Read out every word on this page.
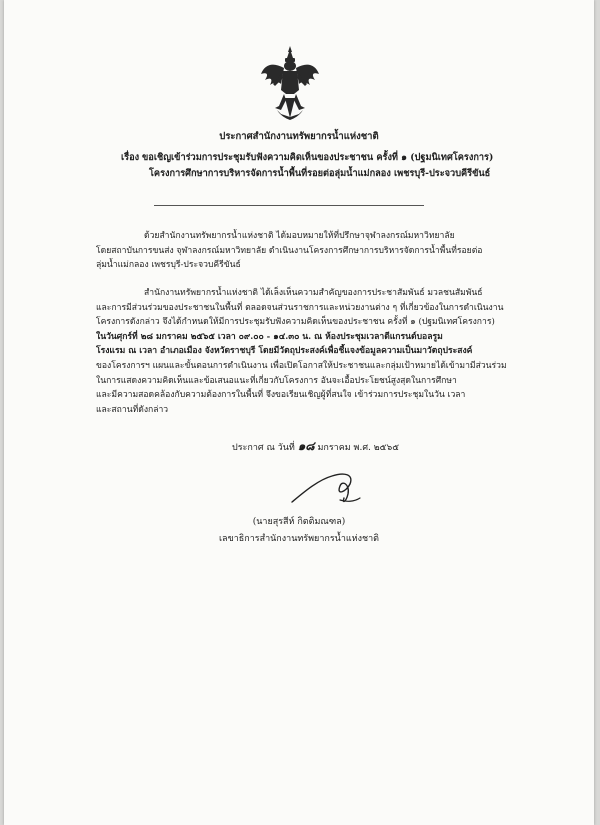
ประกาศสำนักงานทรัพยากรน้ำแห่งชาติ
เรื่อง ขอเชิญเข้าร่วมการประชุมรับฟังความคิดเห็นของประชาชน ครั้งที่ ๑ (ปฐมนิเทศโครงการ)
โครงการศึกษาการบริหารจัดการน้ำพื้นที่รอยต่อลุ่มน้ำแม่กลอง เพชรบุรี-ประจวบคีรีขันธ์
ด้วยสำนักงานทรัพยากรน้ำแห่งชาติ ได้มอบหมายให้ที่ปรึกษาจุฬาลงกรณ์มหาวิทยาลัย
โดยสถาบันการขนส่ง จุฬาลงกรณ์มหาวิทยาลัย ดำเนินงานโครงการศึกษาการบริหารจัดการน้ำพื้นที่รอยต่อ
ลุ่มน้ำแม่กลอง เพชรบุรี-ประจวบคีรีขันธ์
สำนักงานทรัพยากรน้ำแห่งชาติ ได้เล็งเห็นความสำคัญของการประชาสัมพันธ์ มวลชนสัมพันธ์
และการมีส่วนร่วมของประชาชนในพื้นที่ ตลอดจนส่วนราชการและหน่วยงานต่าง ๆ ที่เกี่ยวข้องในการดำเนินงาน
โครงการดังกล่าว จึงได้กำหนดให้มีการประชุมรับฟังความคิดเห็นของประชาชน ครั้งที่ ๑ (ปฐมนิเทศโครงการ)
ในวันศุกร์ที่ ๒๘ มกราคม ๒๕๖๕ เวลา ๐๙.๐๐ - ๑๔.๓๐ น. ณ ห้องประชุมเวลาดีแกรนด์บอลรูม
โรงแรม ณ เวลา อำเภอเมือง จังหวัดราชบุรี โดยมีวัตถุประสงค์เพื่อชี้แจงข้อมูลความเป็นมาวัตถุประสงค์
ของโครงการฯ แผนและขั้นตอนการดำเนินงาน เพื่อเปิดโอกาสให้ประชาชนและกลุ่มเป้าหมายได้เข้ามามีส่วนร่วม
ในการแสดงความคิดเห็นและข้อเสนอแนะที่เกี่ยวกับโครงการ อันจะเอื้อประโยชน์สูงสุดในการศึกษา
และมีความสอดคล้องกับความต้องการในพื้นที่ จึงขอเรียนเชิญผู้ที่สนใจ เข้าร่วมการประชุมในวัน เวลา
และสถานที่ดังกล่าว
ประกาศ ณ วันที่ ๑๘ มกราคม พ.ศ. ๒๕๖๕
(นายสุรสีห์ กิตติมณฑล)
เลขาธิการสำนักงานทรัพยากรน้ำแห่งชาติ
